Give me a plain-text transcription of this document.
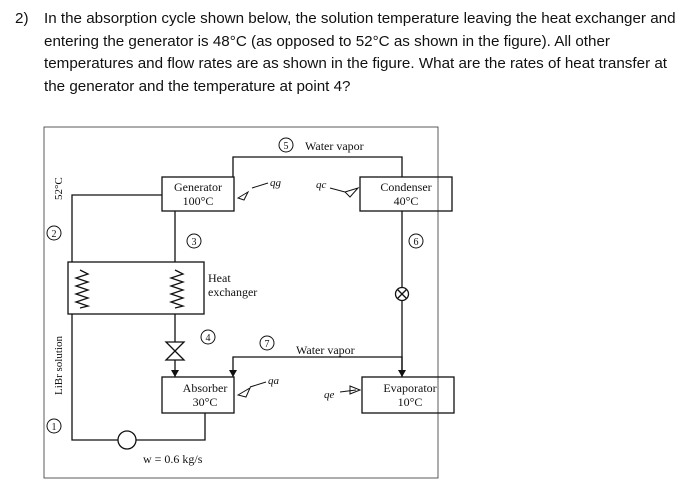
2) In the absorption cycle shown below, the solution temperature leaving the heat exchanger and entering the generator is 48°C (as opposed to 52°C as shown in the figure). All other temperatures and flow rates are as shown in the figure. What are the rates of heat transfer at the generator and the temperature at point 4?
1
2
3
4
5
6
7
Generator
100°C
Condenser
40°C
Absorber
30°C
Evaporator
10°C
Heat
exchanger
Water vapor
Water vapor
w = 0.6 kg/s
qg	qc
qa
qe
52°C
LiBr solution
